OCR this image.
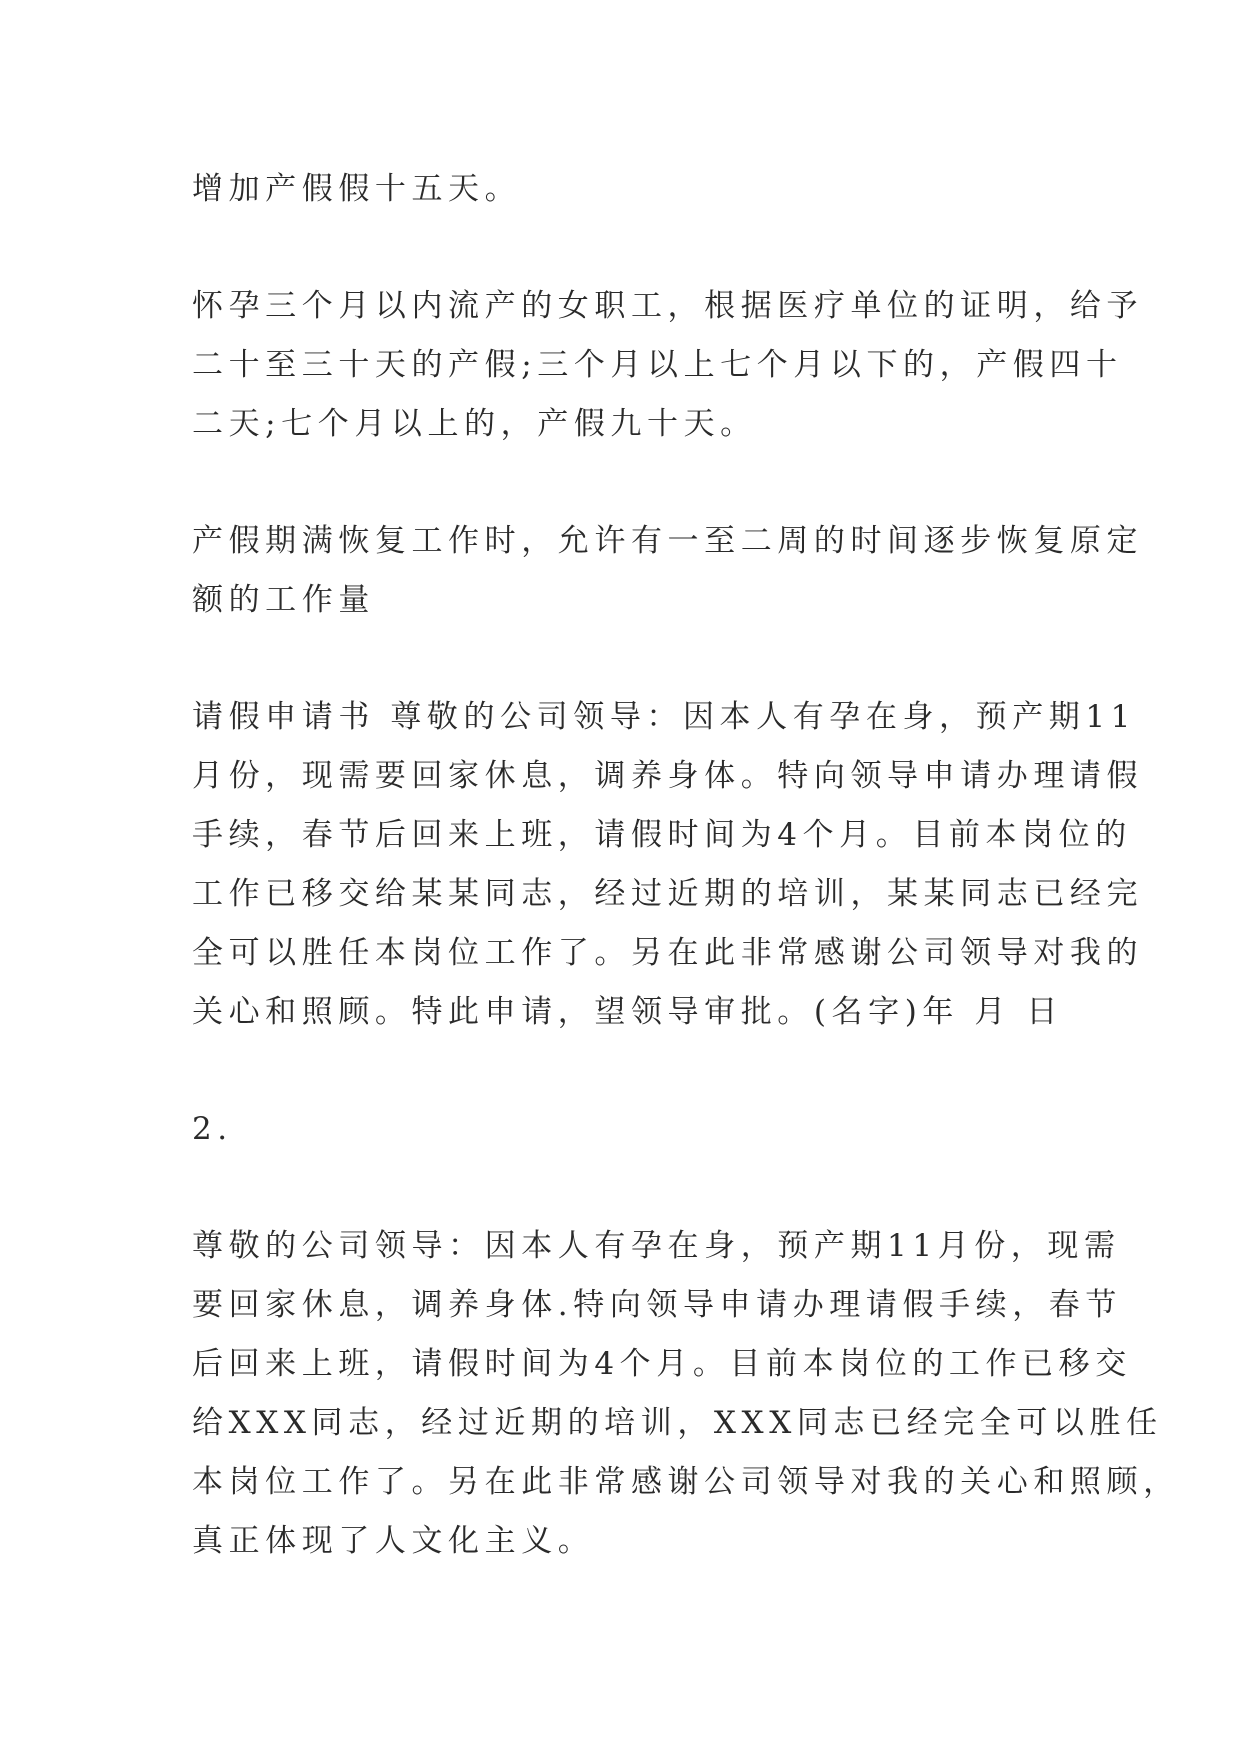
增加产假假十五天。

怀孕三个月以内流产的女职工，根据医疗单位的证明，给予
二十至三十天的产假;三个月以上七个月以下的，产假四十
二天;七个月以上的，产假九十天。

产假期满恢复工作时，允许有一至二周的时间逐步恢复原定
额的工作量

请假申请书 尊敬的公司领导：因本人有孕在身，预产期11
月份，现需要回家休息，调养身体。特向领导申请办理请假
手续，春节后回来上班，请假时间为4个月。目前本岗位的
工作已移交给某某同志，经过近期的培训，某某同志已经完
全可以胜任本岗位工作了。另在此非常感谢公司领导对我的
关心和照顾。特此申请，望领导审批。(名字)年 月 日

2.

尊敬的公司领导：因本人有孕在身，预产期11月份，现需
要回家休息，调养身体.特向领导申请办理请假手续，春节
后回来上班，请假时间为4个月。目前本岗位的工作已移交
给XXX同志，经过近期的培训，XXX同志已经完全可以胜任
本岗位工作了。另在此非常感谢公司领导对我的关心和照顾，
真正体现了人文化主义。
